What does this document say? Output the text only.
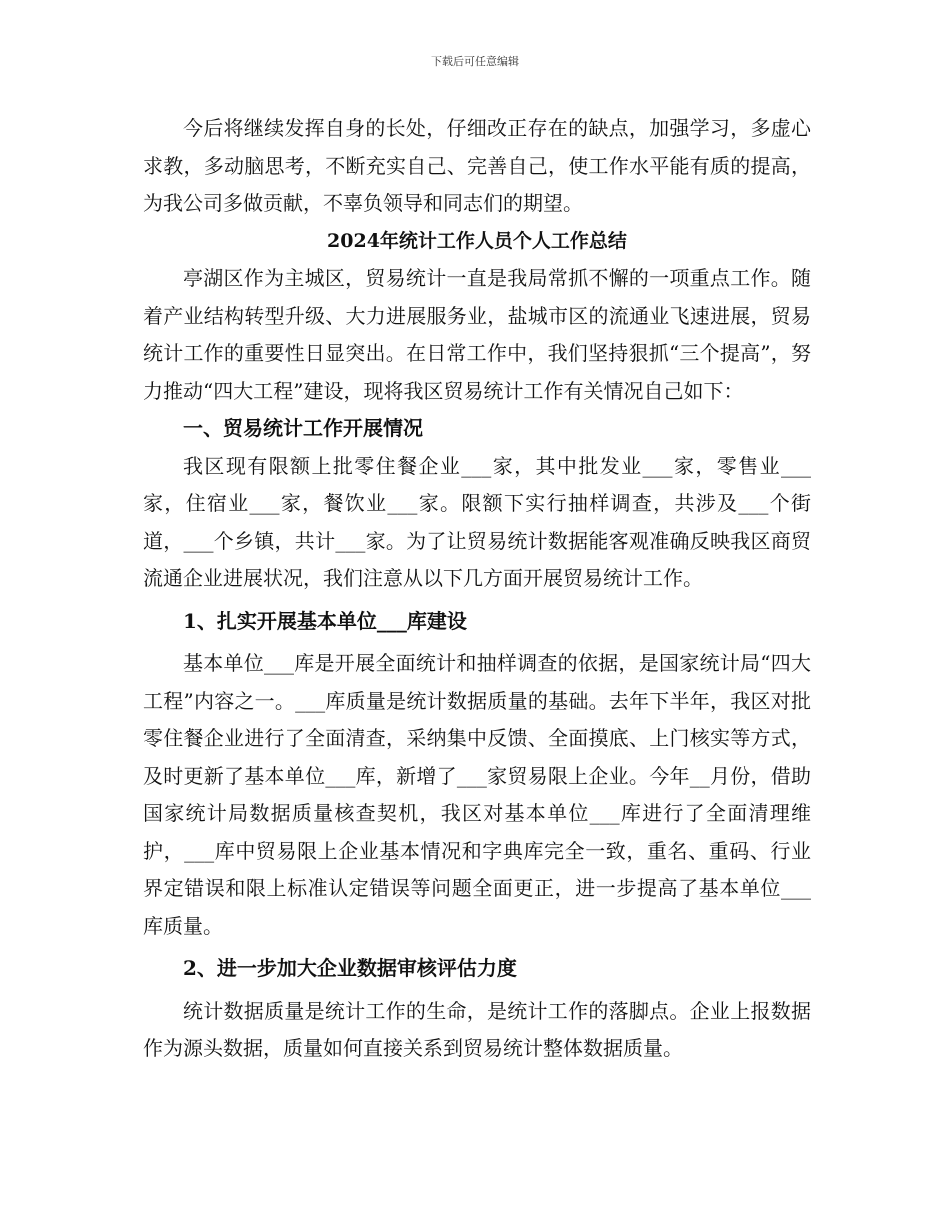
下载后可任意编辑

今后将继续发挥自身的长处，仔细改正存在的缺点，加强学习，多虚心求教，多动脑思考，不断充实自己、完善自己，使工作水平能有质的提高，为我公司多做贡献，不辜负领导和同志们的期望。

2024年统计工作人员个人工作总结

亭湖区作为主城区，贸易统计一直是我局常抓不懈的一项重点工作。随着产业结构转型升级、大力进展服务业，盐城市区的流通业飞速进展，贸易统计工作的重要性日显突出。在日常工作中，我们坚持狠抓“三个提高”，努力推动“四大工程”建设，现将我区贸易统计工作有关情况自己如下：

一、贸易统计工作开展情况

我区现有限额上批零住餐企业___家，其中批发业___家，零售业___家，住宿业___家，餐饮业___家。限额下实行抽样调查，共涉及___个街道，___个乡镇，共计___家。为了让贸易统计数据能客观准确反映我区商贸流通企业进展状况，我们注意从以下几方面开展贸易统计工作。

1、扎实开展基本单位___库建设

基本单位___库是开展全面统计和抽样调查的依据，是国家统计局“四大工程”内容之一。___库质量是统计数据质量的基础。去年下半年，我区对批零住餐企业进行了全面清查，采纳集中反馈、全面摸底、上门核实等方式，及时更新了基本单位___库，新增了___家贸易限上企业。今年__月份，借助国家统计局数据质量核查契机，我区对基本单位___库进行了全面清理维护，___库中贸易限上企业基本情况和字典库完全一致，重名、重码、行业界定错误和限上标准认定错误等问题全面更正，进一步提高了基本单位___库质量。

2、进一步加大企业数据审核评估力度

统计数据质量是统计工作的生命，是统计工作的落脚点。企业上报数据作为源头数据，质量如何直接关系到贸易统计整体数据质量。
